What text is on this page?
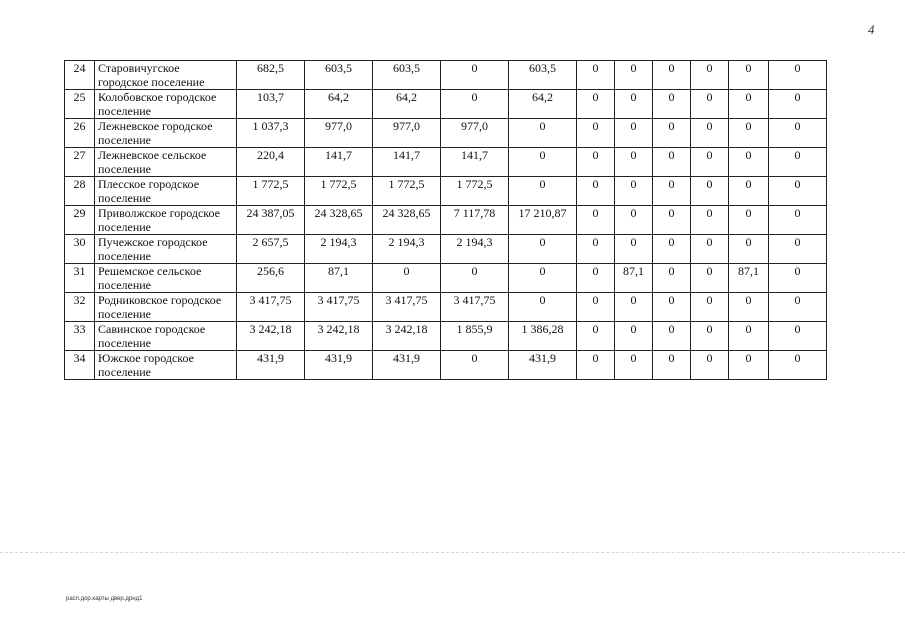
4
24	Старовичугское городское поселение	682,5	603,5	603,5	0	603,5	0	0	0	0	0	0
25	Колобовское городское поселение	103,7	64,2	64,2	0	64,2	0	0	0	0	0	0
26	Лежневское городское поселение	1 037,3	977,0	977,0	977,0	0	0	0	0	0	0	0
27	Лежневское сельское поселение	220,4	141,7	141,7	141,7	0	0	0	0	0	0	0
28	Плесское городское поселение	1 772,5	1 772,5	1 772,5	1 772,5	0	0	0	0	0	0	0
29	Приволжское городское поселение	24 387,05	24 328,65	24 328,65	7 117,78	17 210,87	0	0	0	0	0	0
30	Пучежское городское поселение	2 657,5	2 194,3	2 194,3	2 194,3	0	0	0	0	0	0	0
31	Решемское сельское поселение	256,6	87,1	0	0	0	0	87,1	0	0	87,1	0
32	Родниковское городское поселение	3 417,75	3 417,75	3 417,75	3 417,75	0	0	0	0	0	0	0
33	Савинское городское поселение	3 242,18	3 242,18	3 242,18	1 855,9	1 386,28	0	0	0	0	0	0
34	Южское городское поселение	431,9	431,9	431,9	0	431,9	0	0	0	0	0	0
расп.дор.карты двер.дрнд1
